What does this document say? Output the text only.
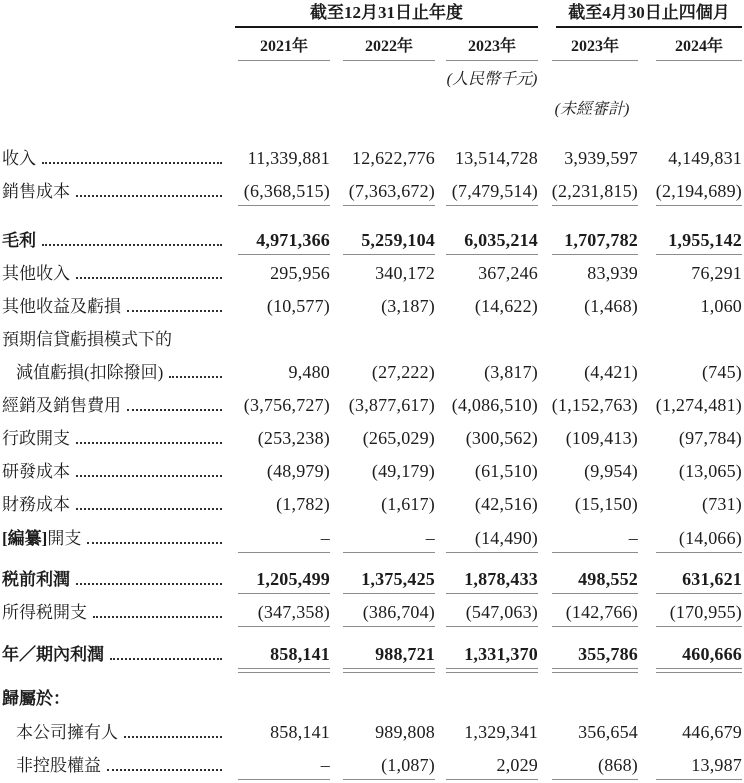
截至12月31日止年度	截至4月30日止四個月
2021年	2022年	2023年	2023年	2024年
(人民幣千元)
(未經審計)
收入	11,339,881	12,622,776	13,514,728	3,939,597	4,149,831
銷售成本	(6,368,515)	(7,363,672) (7,479,514) (2,231,815) (2,194,689)
毛利	4,971,366	5,259,104	6,035,214	1,707,782	1,955,142
其他收入	295,956	340,172	367,246	83,939	76,291
其他收益及虧損	(10,577)	(3,187)	(14,622)	(1,468)	1,060
預期信貸虧損模式下的
減值虧損(扣除撥回)	9,480	(27,222)	(3,817)	(4,421)	(745)
經銷及銷售費用	(3,756,727)	(3,877,617) (4,086,510) (1,152,763) (1,274,481)
行政開支	(253,238)	(265,029)	(300,562)	(109,413)	(97,784)
研發成本	(48,979)	(49,179)	(61,510)	(9,954)	(13,065)
財務成本	(1,782)	(1,617)	(42,516)	(15,150)	(731)
[編纂] 開支	–	–	(14,490)	–	(14,066)
税前利潤	1,205,499	1,375,425	1,878,433	498,552	631,621
所得税開支	(347,358)	(386,704)	(547,063)	(142,766)	(170,955)
年／期內利潤	858,141	988,721	1,331,370	355,786	460,666
歸屬於：
本公司擁有人	858,141	989,808	1,329,341	356,654	446,679
非控股權益	–	(1,087)	2,029	(868)	13,987
